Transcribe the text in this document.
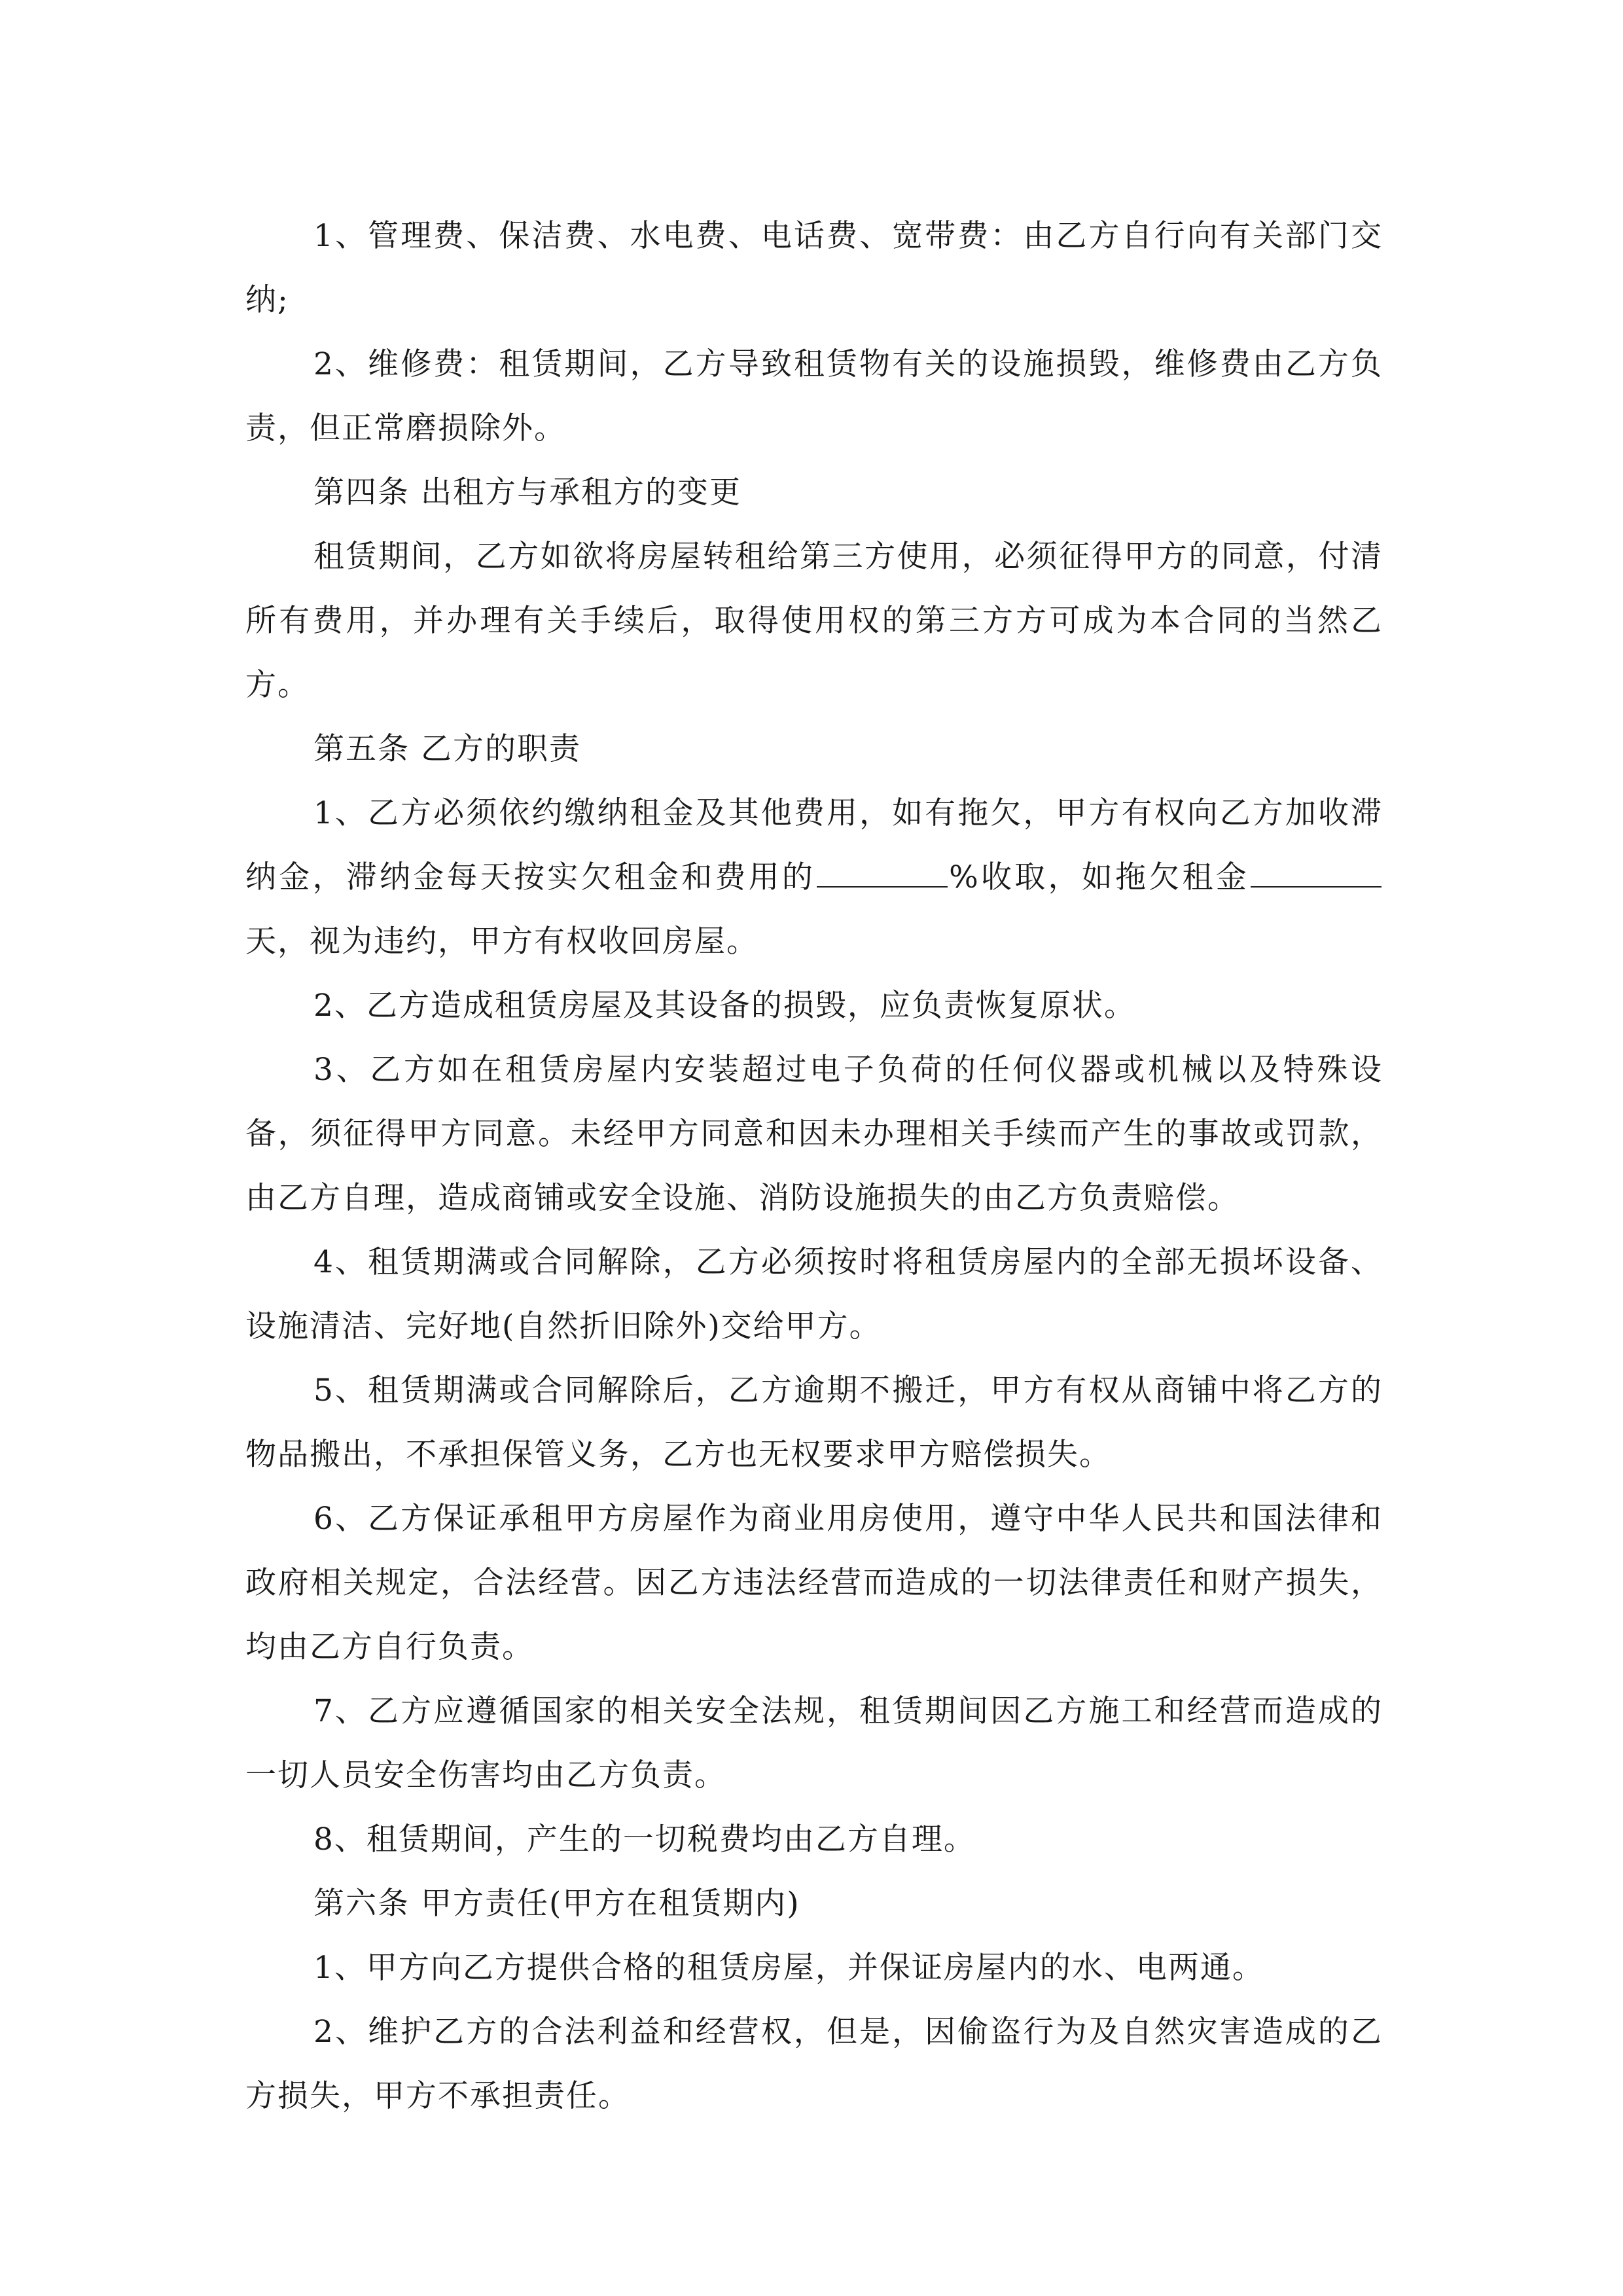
1、管理费、保洁费、水电费、电话费、宽带费：由乙方自行向有关部门交纳;

2、维修费：租赁期间，乙方导致租赁物有关的设施损毁，维修费由乙方负责，但正常磨损除外。

第四条 出租方与承租方的变更

租赁期间，乙方如欲将房屋转租给第三方使用，必须征得甲方的同意，付清所有费用，并办理有关手续后，取得使用权的第三方方可成为本合同的当然乙方。

第五条 乙方的职责

1、乙方必须依约缴纳租金及其他费用，如有拖欠，甲方有权向乙方加收滞纳金，滞纳金每天按实欠租金和费用的	%收取，如拖欠租金天，视为违约，甲方有权收回房屋。

2、乙方造成租赁房屋及其设备的损毁，应负责恢复原状。

3、乙方如在租赁房屋内安装超过电子负荷的任何仪器或机械以及特殊设备，须征得甲方同意。未经甲方同意和因未办理相关手续而产生的事故或罚款，由乙方自理，造成商铺或安全设施、消防设施损失的由乙方负责赔偿。

4、租赁期满或合同解除，乙方必须按时将租赁房屋内的全部无损坏设备、设施清洁、完好地(自然折旧除外)交给甲方。

5、租赁期满或合同解除后，乙方逾期不搬迁，甲方有权从商铺中将乙方的物品搬出，不承担保管义务，乙方也无权要求甲方赔偿损失。

6、乙方保证承租甲方房屋作为商业用房使用，遵守中华人民共和国法律和政府相关规定，合法经营。因乙方违法经营而造成的一切法律责任和财产损失，均由乙方自行负责。

7、乙方应遵循国家的相关安全法规，租赁期间因乙方施工和经营而造成的一切人员安全伤害均由乙方负责。

8、租赁期间，产生的一切税费均由乙方自理。

第六条 甲方责任(甲方在租赁期内)

1、甲方向乙方提供合格的租赁房屋，并保证房屋内的水、电两通。

2、维护乙方的合法利益和经营权，但是，因偷盗行为及自然灾害造成的乙方损失，甲方不承担责任。
